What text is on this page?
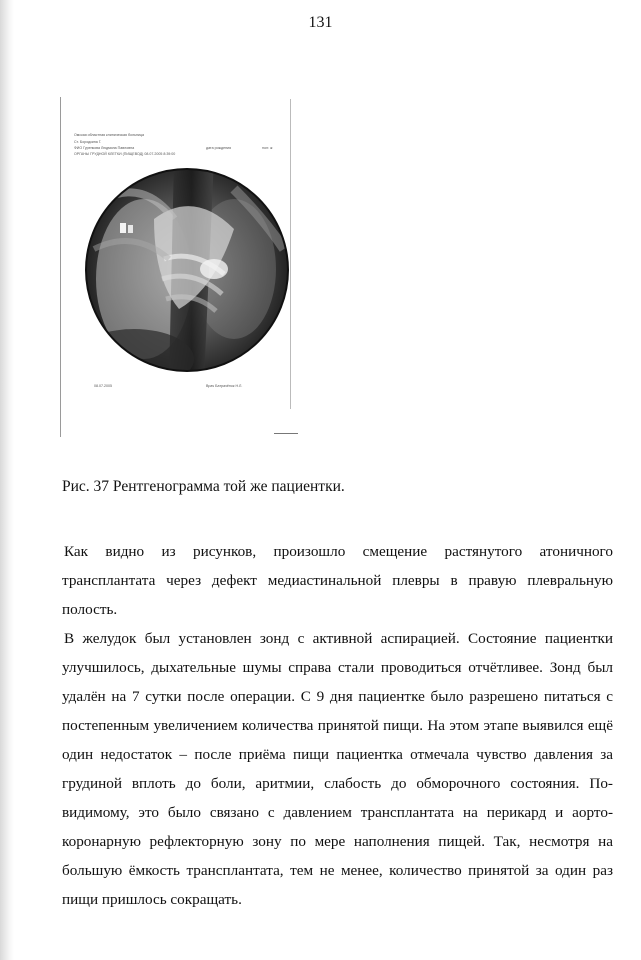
131
Омская областная клиническая больница
Ст. Бородкина Г.
ФИО Гуренкова Людмила Павловна
ОРГАНЫ ГРУДНОЙ КЛЕТКИ (ПИЩЕВОД) 08.07.2005 8:39:00
дата рождения	пол: ж
08.07.2005	Врач Батрачёнок Н.Л.
Рис. 37 Рентгенограмма той же пациентки.

Как видно из рисунков, произошло смещение растянутого атоничного трансплантата через дефект медиастинальной плевры в правую плевральную полость.

В желудок был установлен зонд с активной аспирацией. Состояние пациентки улучшилось, дыхательные шумы справа стали проводиться отчётливее. Зонд был удалён на 7 сутки после операции. С 9 дня пациентке было разрешено питаться с постепенным увеличением количества принятой пищи. На этом этапе выявился ещё один недостаток – после приёма пищи пациентка отмечала чувство давления за грудиной вплоть до боли, аритмии, слабость до обморочного состояния. По-видимому, это было связано с давлением трансплантата на перикард и аорто-коронарную рефлекторную зону по мере наполнения пищей. Так, несмотря на большую ёмкость трансплантата, тем не менее, количество принятой за один раз пищи пришлось сокращать.
